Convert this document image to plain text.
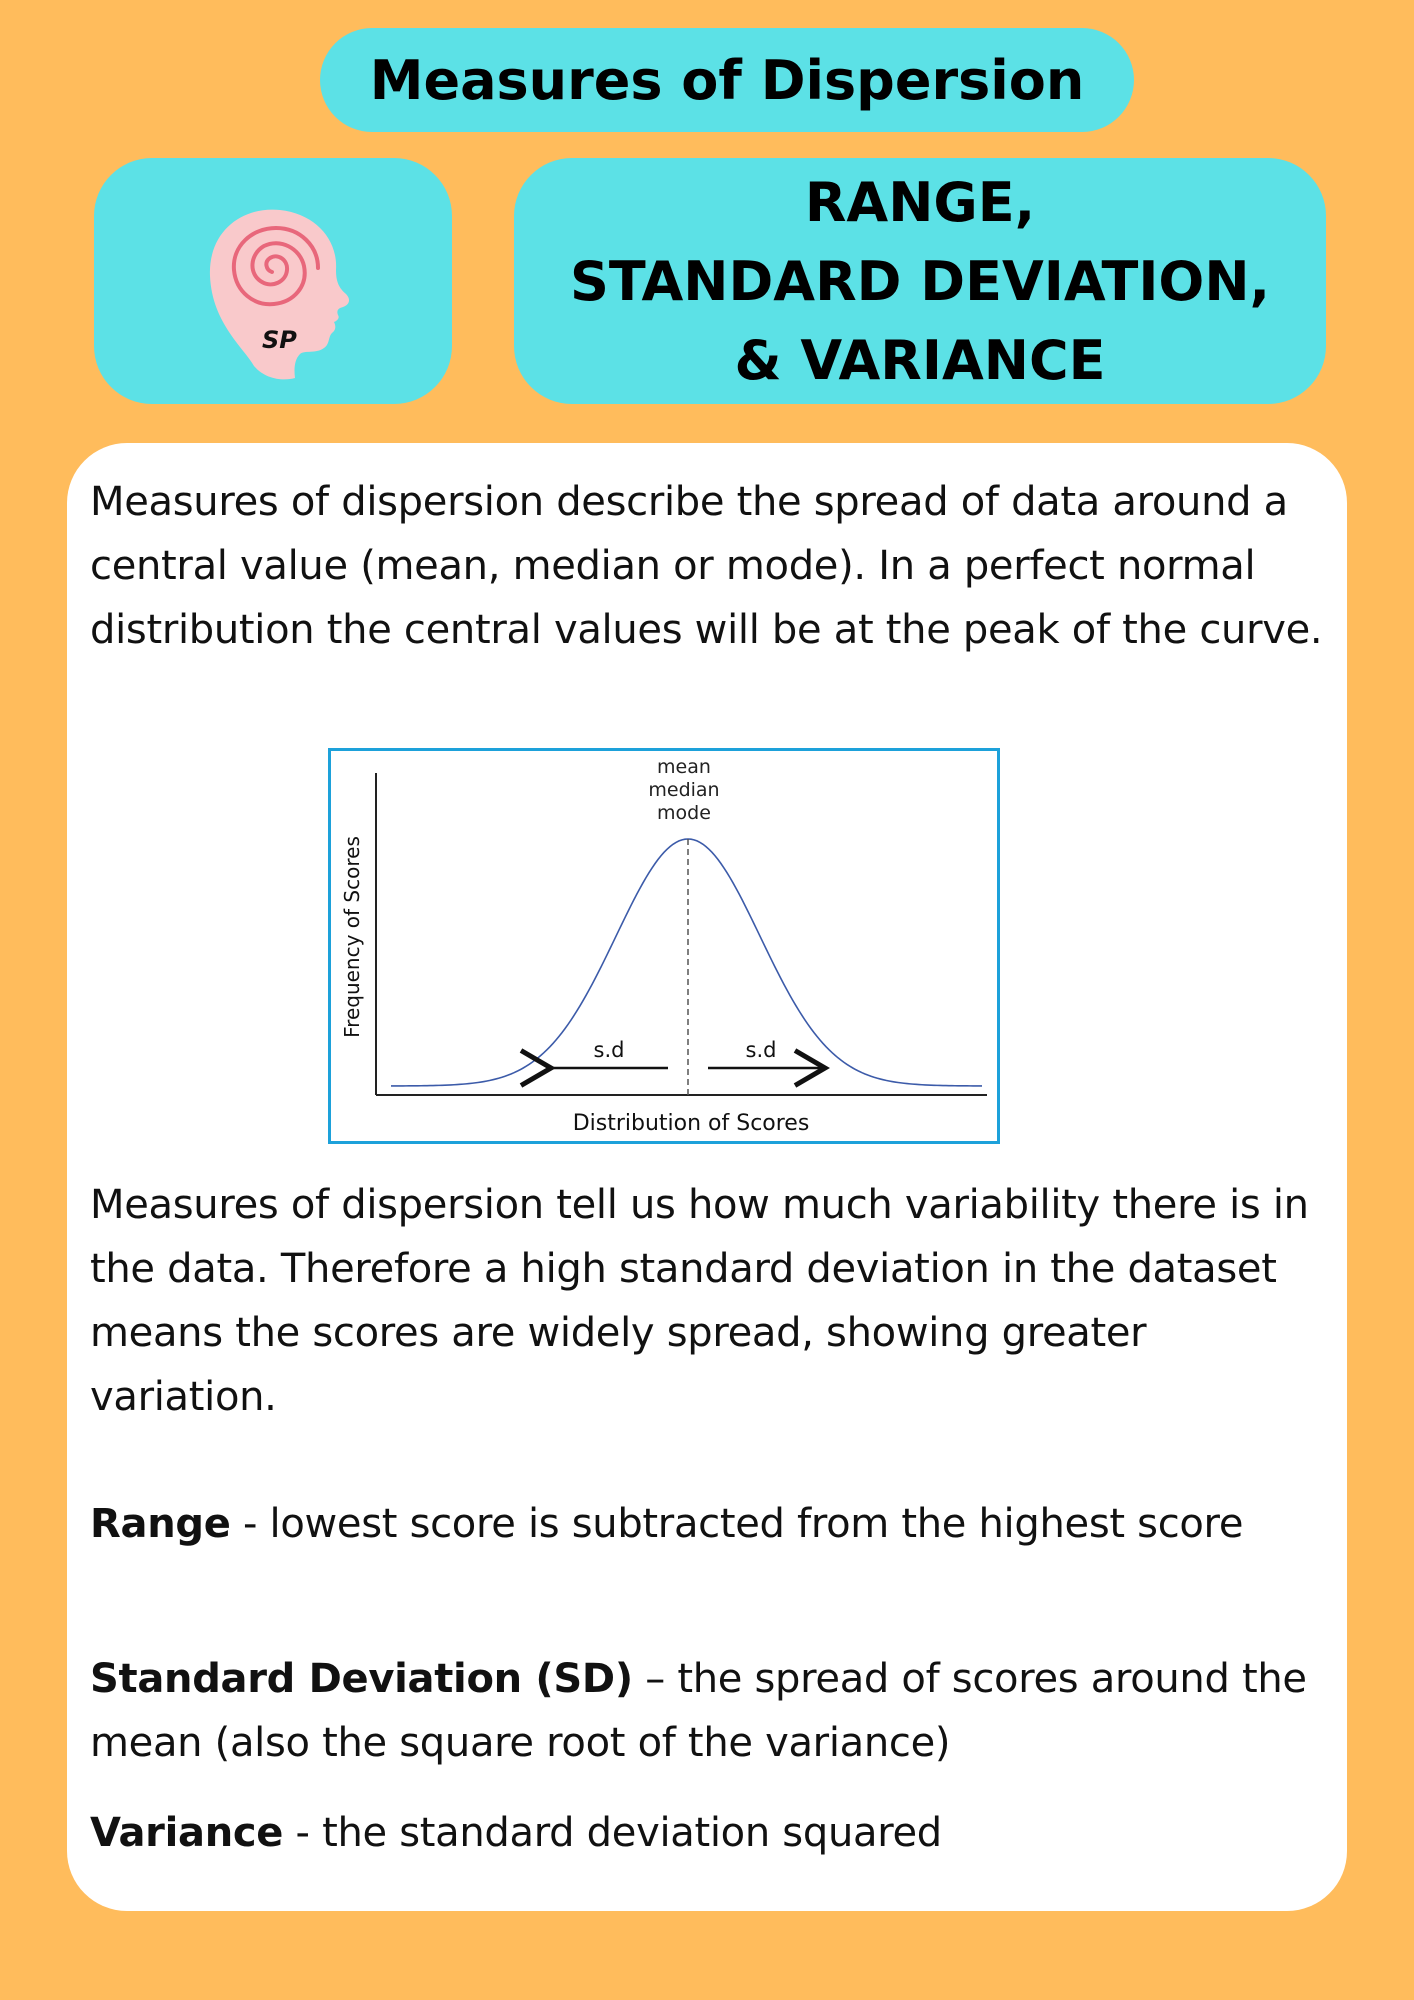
Measures of Dispersion
SP
RANGE,
STANDARD DEVIATION,
& VARIANCE

Measures of dispersion describe the spread of data around a central value (mean, median or mode). In a perfect normal distribution the central values will be at the peak of the curve.

mean
median
mode
s.d	s.d
Distribution of Scores
Frequency of Scores

Measures of dispersion tell us how much variability there is in the data. Therefore a high standard deviation in the dataset means the scores are widely spread, showing greater variation.

Range - lowest score is subtracted from the highest score

Standard Deviation (SD) – the spread of scores around the mean (also the square root of the variance)

Variance - the standard deviation squared
